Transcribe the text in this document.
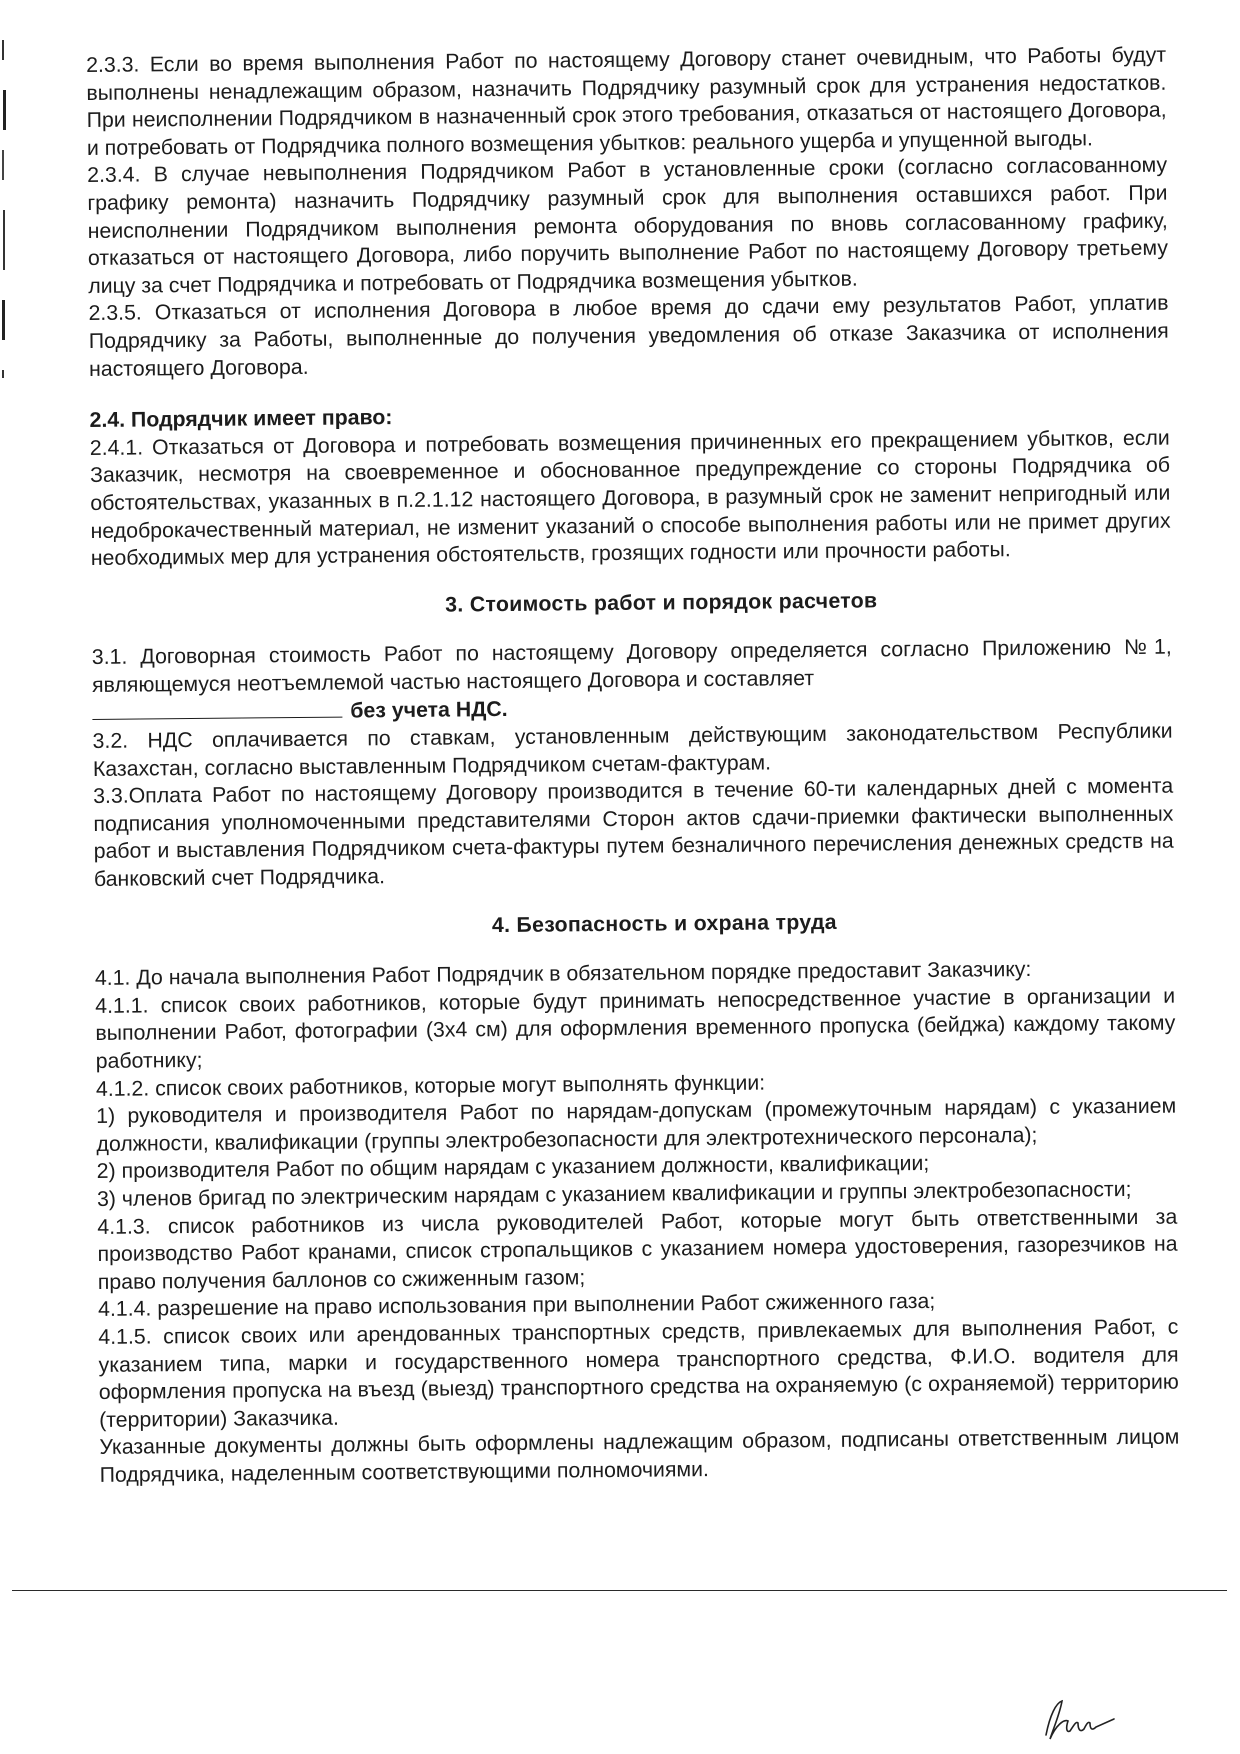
2.3.3. Если во время выполнения Работ по настоящему Договору станет очевидным, что Работы будут выполнены ненадлежащим образом, назначить Подрядчику разумный срок для устранения недостатков. При неисполнении Подрядчиком в назначенный срок этого требования, отказаться от настоящего Договора, и потребовать от Подрядчика полного возмещения убытков: реального ущерба и упущенной выгоды.

2.3.4. В случае невыполнения Подрядчиком Работ в установленные сроки (согласно согласованному графику ремонта) назначить Подрядчику разумный срок для выполнения оставшихся работ. При неисполнении Подрядчиком выполнения ремонта оборудования по вновь согласованному графику, отказаться от настоящего Договора, либо поручить выполнение Работ по настоящему Договору третьему лицу за счет Подрядчика и потребовать от Подрядчика возмещения убытков.

2.3.5. Отказаться от исполнения Договора в любое время до сдачи ему результатов Работ, уплатив Подрядчику за Работы, выполненные до получения уведомления об отказе Заказчика от исполнения настоящего Договора.

2.4. Подрядчик имеет право:

2.4.1. Отказаться от Договора и потребовать возмещения причиненных его прекращением убытков, если Заказчик, несмотря на своевременное и обоснованное предупреждение со стороны Подрядчика об обстоятельствах, указанных в п.2.1.12 настоящего Договора, в разумный срок не заменит непригодный или недоброкачественный материал, не изменит указаний о способе выполнения работы или не примет других необходимых мер для устранения обстоятельств, грозящих годности или прочности работы.

3. Стоимость работ и порядок расчетов

3.1. Договорная стоимость Работ по настоящему Договору определяется согласно Приложению №1, являющемуся неотъемлемой частью настоящего Договора и составляет
без учета НДС.

3.2. НДС оплачивается по ставкам, установленным действующим законодательством Республики Казахстан, согласно выставленным Подрядчиком счетам-фактурам.

3.3.Оплата Работ по настоящему Договору производится в течение 60-ти календарных дней с момента подписания уполномоченными представителями Сторон актов сдачи-приемки фактически выполненных работ и выставления Подрядчиком счета-фактуры путем безналичного перечисления денежных средств на банковский счет Подрядчика.

4. Безопасность и охрана труда

4.1. До начала выполнения Работ Подрядчик в обязательном порядке предоставит Заказчику:

4.1.1. список своих работников, которые будут принимать непосредственное участие в организации и выполнении Работ, фотографии (3х4 см) для оформления временного пропуска (бейджа) каждому такому работнику;

4.1.2. список своих работников, которые могут выполнять функции:

1) руководителя и производителя Работ по нарядам-допускам (промежуточным нарядам) с указанием должности, квалификации (группы электробезопасности для электротехнического персонала);

2) производителя Работ по общим нарядам с указанием должности, квалификации;

3) членов бригад по электрическим нарядам с указанием квалификации и группы электробезопасности;

4.1.3. список работников из числа руководителей Работ, которые могут быть ответственными за производство Работ кранами, список стропальщиков с указанием номера удостоверения, газорезчиков на право получения баллонов со сжиженным газом;

4.1.4. разрешение на право использования при выполнении Работ сжиженного газа;

4.1.5. список своих или арендованных транспортных средств, привлекаемых для выполнения Работ, с указанием типа, марки и государственного номера транспортного средства, Ф.И.О. водителя для оформления пропуска на въезд (выезд) транспортного средства на охраняемую (с охраняемой) территорию (территории) Заказчика.

Указанные документы должны быть оформлены надлежащим образом, подписаны ответственным лицом Подрядчика, наделенным соответствующими полномочиями.
